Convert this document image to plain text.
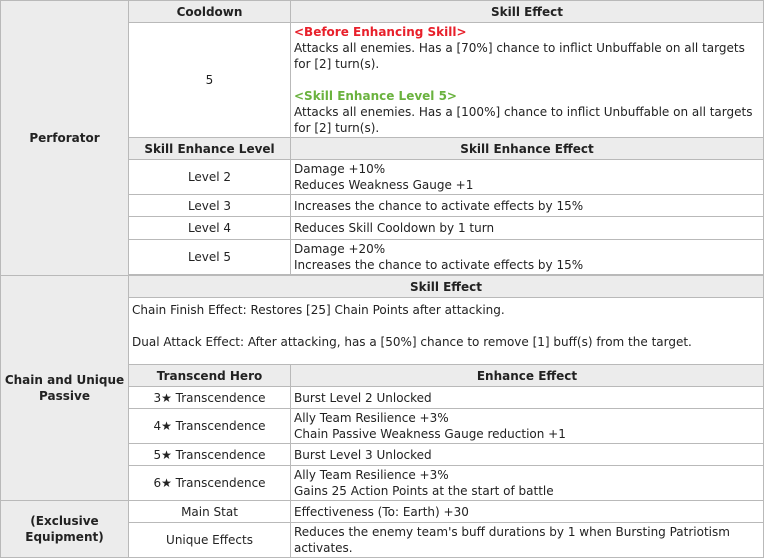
Perforator	Cooldown	Skill Effect
	5	<Before Enhancing Skill>
Attacks all enemies. Has a [70%] chance to inflict Unbuffable on all targets for [2] turn(s).
<Skill Enhance Level 5>
Attacks all enemies. Has a [100%] chance to inflict Unbuffable on all targets for [2] turn(s).

	Skill Enhance Level	Skill Enhance Effect
	Level 2	Damage +10%
Reduces Weakness Gauge +1

	Level 3	Increases the chance to activate effects by 15%
	Level 4	Reduces Skill Cooldown by 1 turn
	Level 5	Damage +20%
Increases the chance to activate effects by 15%

Chain and Unique Passive	Skill Effect	

	Chain Finish Effect: Restores [25] Chain Points after attacking.
Dual Attack Effect: After attacking, has a [50%] chance to remove [1] buff(s) from the target.	

	Transcend Hero	Enhance Effect
	3★ Transcendence	Burst Level 2 Unlocked
	4★ Transcendence	Ally Team Resilience +3%
Chain Passive Weakness Gauge reduction +1

	5★ Transcendence	Burst Level 3 Unlocked
	6★ Transcendence	Ally Team Resilience +3%
Gains 25 Action Points at the start of battle

(Exclusive Equipment)	Main Stat	Effectiveness (To: Earth) +30
	Unique Effects	Reduces the enemy team's buff durations by 1 when Bursting Patriotism activates.
